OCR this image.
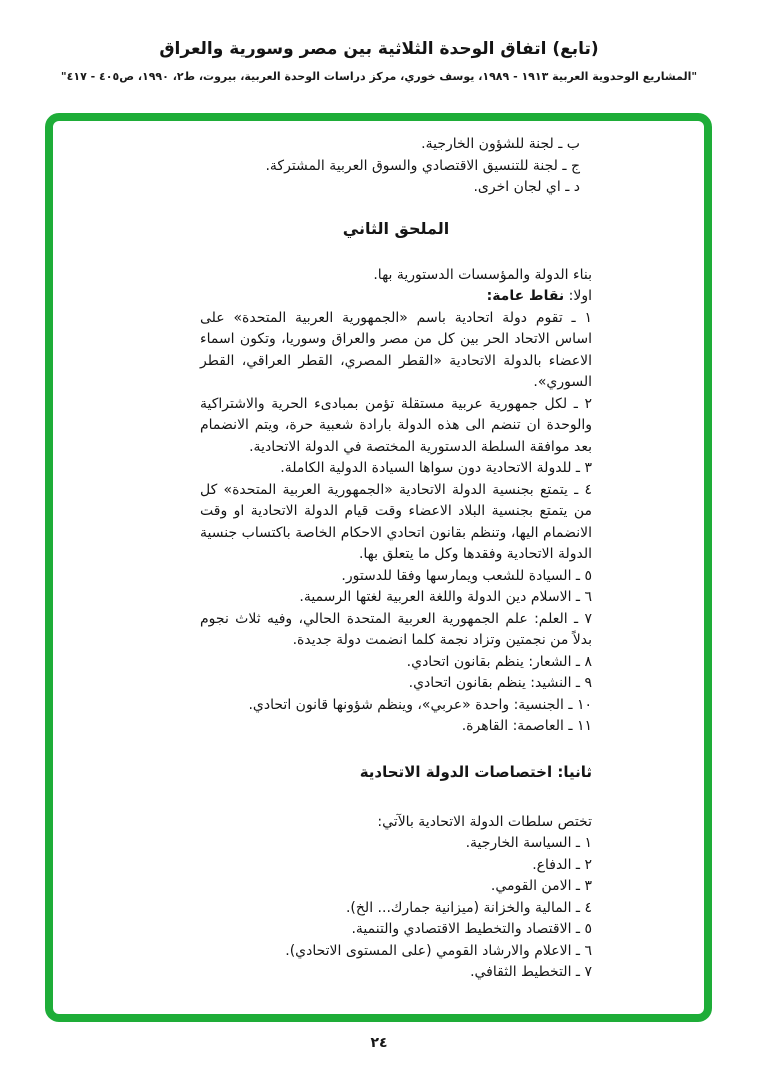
(تابع) اتفاق الوحدة الثلاثية بين مصر وسورية والعراق
"المشاريع الوحدوية العربية ١٩١٣ - ١٩٨٩، يوسف خوري، مركز دراسات الوحدة العربية، بيروت، ط٢، ١٩٩٠، ص٤٠٥ - ٤١٧"
ب ـ لجنة للشؤون الخارجية.
ج ـ لجنة للتنسيق الاقتصادي والسوق العربية المشتركة.
د ـ اي لجان اخرى.
الملحق الثاني
بناء الدولة والمؤسسات الدستورية بها.
اولا: نقاط عامة:

١ ـ تقوم دولة اتحادية باسم «الجمهورية العربية المتحدة» على اساس الاتحاد الحر بين كل من مصر والعراق وسوريا، وتكون اسماء الاعضاء بالدولة الاتحادية «القطر المصري، القطر العراقي، القطر السوري».

٢ ـ لكل جمهورية عربية مستقلة تؤمن بمبادىء الحرية والاشتراكية والوحدة ان تنضم الى هذه الدولة بارادة شعبية حرة، ويتم الانضمام بعد موافقة السلطة الدستورية المختصة في الدولة الاتحادية.

٣ ـ للدولة الاتحادية دون سواها السيادة الدولية الكاملة.

٤ ـ يتمتع بجنسية الدولة الاتحادية «الجمهورية العربية المتحدة» كل من يتمتع بجنسية البلاد الاعضاء وقت قيام الدولة الاتحادية او وقت الانضمام اليها، وتنظم بقانون اتحادي الاحكام الخاصة باكتساب جنسية الدولة الاتحادية وفقدها وكل ما يتعلق بها.

٥ ـ السيادة للشعب ويمارسها وفقا للدستور.

٦ ـ الاسلام دين الدولة واللغة العربية لغتها الرسمية.

٧ ـ العلم: علم الجمهورية العربية المتحدة الحالي، وفيه ثلاث نجوم بدلاً من نجمتين وتزاد نجمة كلما انضمت دولة جديدة.

٨ ـ الشعار: ينظم بقانون اتحادي.

٩ ـ النشيد: ينظم بقانون اتحادي.

١٠ ـ الجنسية: واحدة «عربي»، وينظم شؤونها قانون اتحادي.

١١ ـ العاصمة: القاهرة.

ثانيا: اختصاصات الدولة الاتحادية
تختص سلطات الدولة الاتحادية بالآتي:

١ ـ السياسة الخارجية.

٢ ـ الدفاع.

٣ ـ الامن القومي.

٤ ـ المالية والخزانة (ميزانية جمارك... الخ).

٥ ـ الاقتصاد والتخطيط الاقتصادي والتنمية.

٦ ـ الاعلام والارشاد القومي (على المستوى الاتحادي).

٧ ـ التخطيط الثقافي.

٢٤
